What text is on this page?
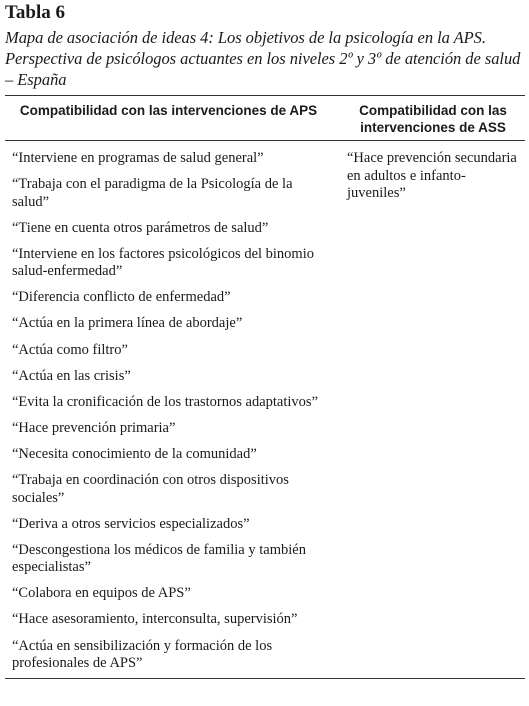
Tabla 6
Mapa de asociación de ideas 4: Los objetivos de la psicología en la APS. Perspectiva de psicólogos actuantes en los niveles 2º y 3º de atención de salud – España
Compatibilidad con las intervenciones de APS	Compatibilidad con las intervenciones de ASS
“Interviene en programas de salud general”
“Trabaja con el paradigma de la Psicología de la salud”
“Tiene en cuenta otros parámetros de salud”
“Interviene en los factores psicológicos del binomio salud-enfermedad”
“Diferencia conflicto de enfermedad”
“Actúa en la primera línea de abordaje”
“Actúa como filtro”
“Actúa en las crisis”
“Evita la cronificación de los trastornos adaptativos”
“Hace prevención primaria”
“Necesita conocimiento de la comunidad”
“Trabaja en coordinación con otros dispositivos sociales”
“Deriva a otros servicios especializados”
“Descongestiona los médicos de familia y también especialistas”
“Colabora en equipos de APS”
“Hace asesoramiento, interconsulta, supervisión”
“Actúa en sensibilización y formación de los profesionales de APS”
“Hace prevención secundaria en adultos e infanto-juveniles”
